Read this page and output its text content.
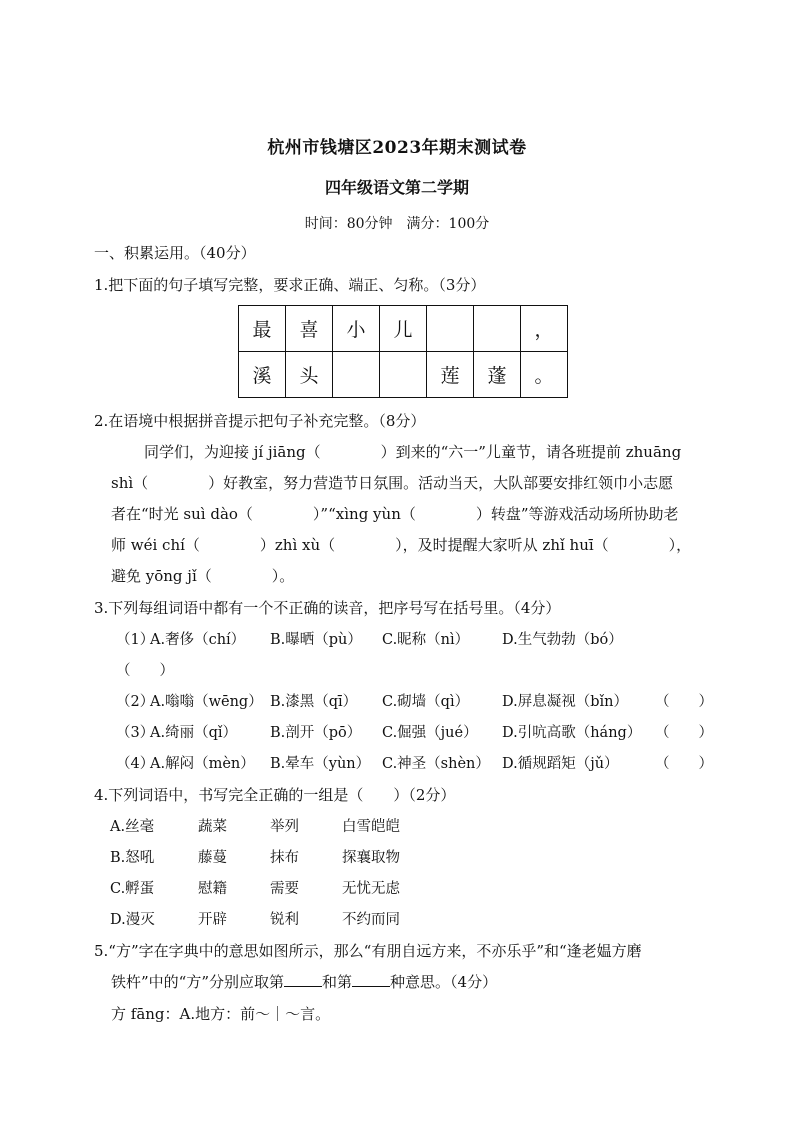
杭州市钱塘区2023年期末测试卷
四年级语文第二学期
时间：80分钟　满分：100分
一、积累运用。（40分）
1.把下面的句子填写完整，要求正确、端正、匀称。（3分）
最	喜	小	儿			，
溪	头			莲	蓬	。
2.在语境中根据拼音提示把句子补充完整。（8分）
同学们，为迎接 jí jiāng（　　　　）到来的“六一”儿童节，请各班提前 zhuāng
shì（　　　　）好教室，努力营造节日氛围。活动当天，大队部要安排红领巾小志愿
者在“时光 suì dào（　　　　）”“xìng yùn（　　　　）转盘”等游戏活动场所协助老
师 wéi chí（　　　　）zhì xù（　　　　），及时提醒大家听从 zhǐ huī（　　　　），
避免 yōng jǐ（　　　　）。
3.下列每组词语中都有一个不正确的读音，把序号写在括号里。（4分）
（1）
A.奢侈（chí） B.曝晒（pù） C.昵称（nì） D.生气勃勃（bó）
（　　）
（2）
A.嗡嗡（wēng） B.漆黑（qī） C.砌墙（qì） D.屏息凝视（bǐn） （　　）
（3）
A.绮丽（qǐ） B.剖开（pō） C.倔强（jué） D.引吭高歌（háng） （　　）
（4）
A.解闷（mèn） B.晕车（yùn） C.神圣（shèn） D.循规蹈矩（jǔ）	（　　）
4.下列词语中，书写完全正确的一组是（　　）（2分）
A.丝毫	蔬菜	举列	白雪皑皑
B.怒吼	藤蔓	抹布	探襄取物
C.孵蛋	慰籍	需要	无忧无虑
D.漫灭	开辟	锐利	不约而同
5.“方”字在字典中的意思如图所示，那么“有朋自远方来，不亦乐乎”和“逢老媪方磨
铁杵”中的“方”分别应取第	和第	种意思。（4分）
方 fāng：A.地方：前～｜～言。
